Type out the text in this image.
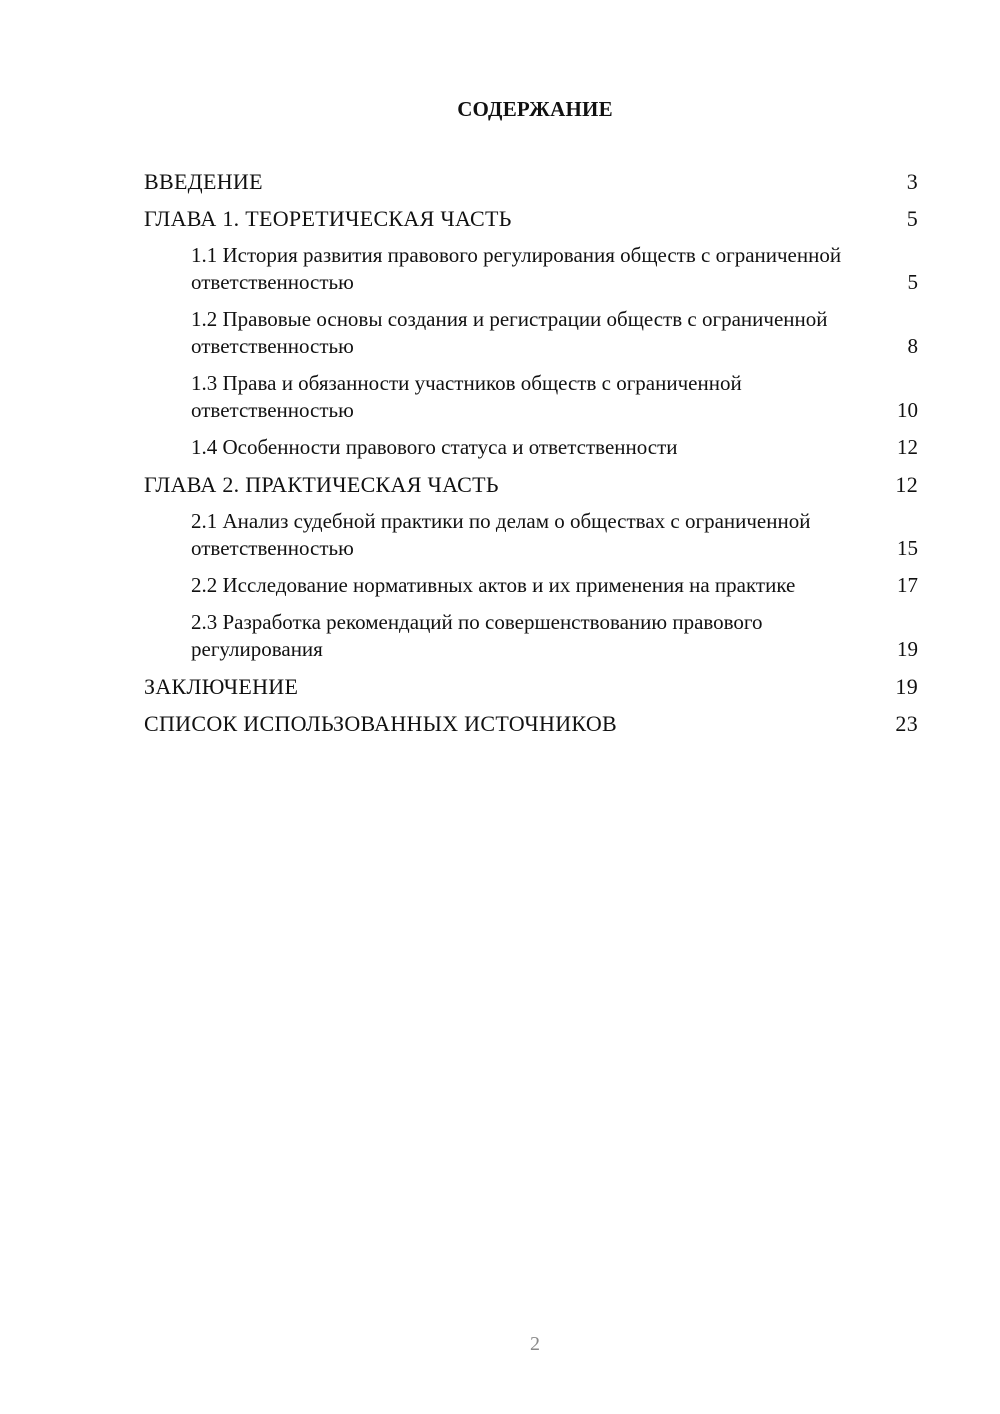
СОДЕРЖАНИЕ
ВВЕДЕНИЕ	3
ГЛАВА 1. ТЕОРЕТИЧЕСКАЯ ЧАСТЬ	5
1.1 История развития правового регулирования обществ с ограниченной ответственностью	5
1.2 Правовые основы создания и регистрации обществ с ограниченной ответственностью	8
1.3 Права и обязанности участников обществ с ограниченной ответственностью	10
1.4 Особенности правового статуса и ответственности	12
ГЛАВА 2. ПРАКТИЧЕСКАЯ ЧАСТЬ	12
2.1 Анализ судебной практики по делам о обществах с ограниченной ответственностью	15
2.2 Исследование нормативных актов и их применения на практике	17
2.3 Разработка рекомендаций по совершенствованию правового регулирования	19
ЗАКЛЮЧЕНИЕ	19
СПИСОК ИСПОЛЬЗОВАННЫХ ИСТОЧНИКОВ	23
2
